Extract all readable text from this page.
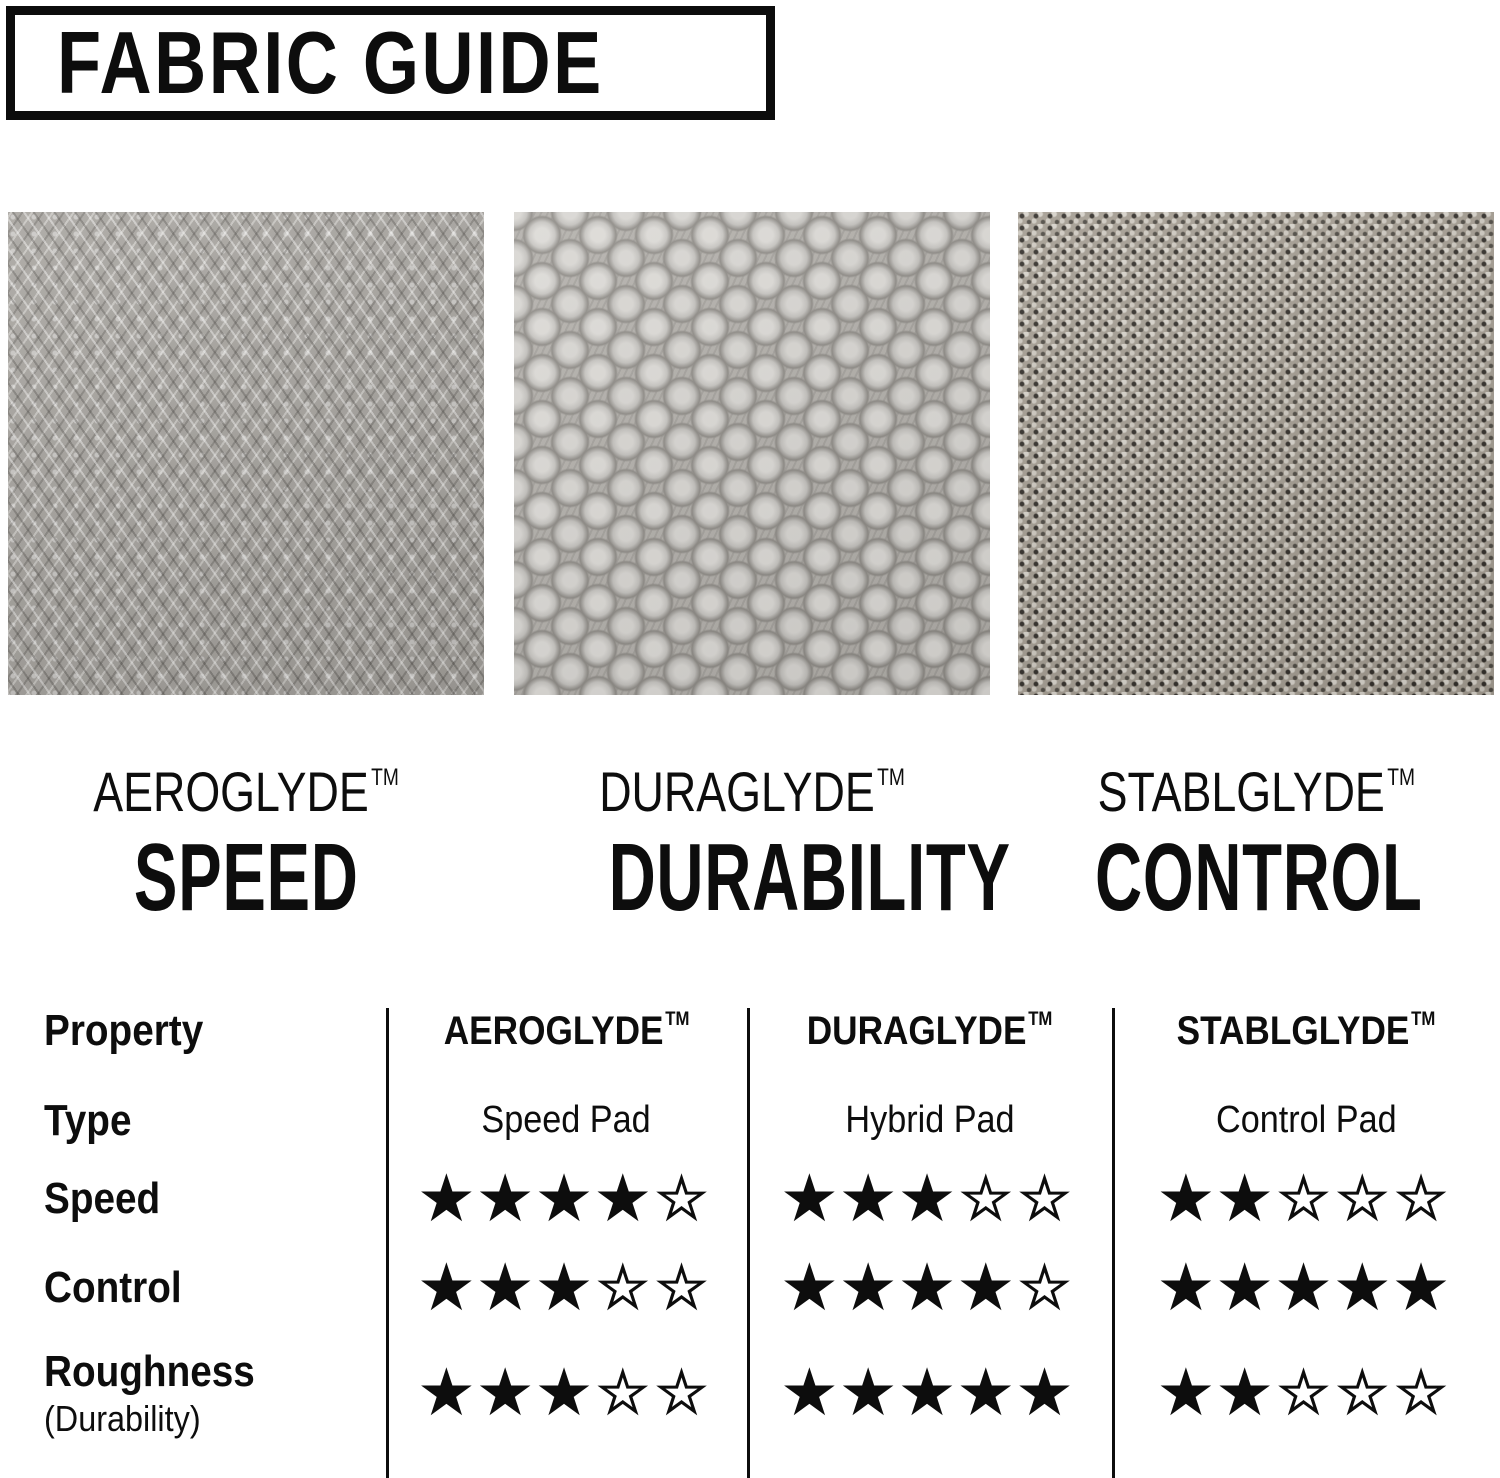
FABRIC GUIDE
AEROGLYDE ™	DURAGLYDE ™	STABLGLYDE™
SPEED	DURABILITY CONTROL
Property	AEROGLYDE™	DURAGLYDE™	STABLGLYDE™
Type	Speed Pad	Hybrid Pad	Control Pad
Speed	★★★★☆ ★★★☆☆ ★★☆☆☆
Control	★★★☆☆ ★★★★☆ ★★★★★
Roughness
(Durability)	★★★☆☆ ★★★★★ ★★☆☆☆
